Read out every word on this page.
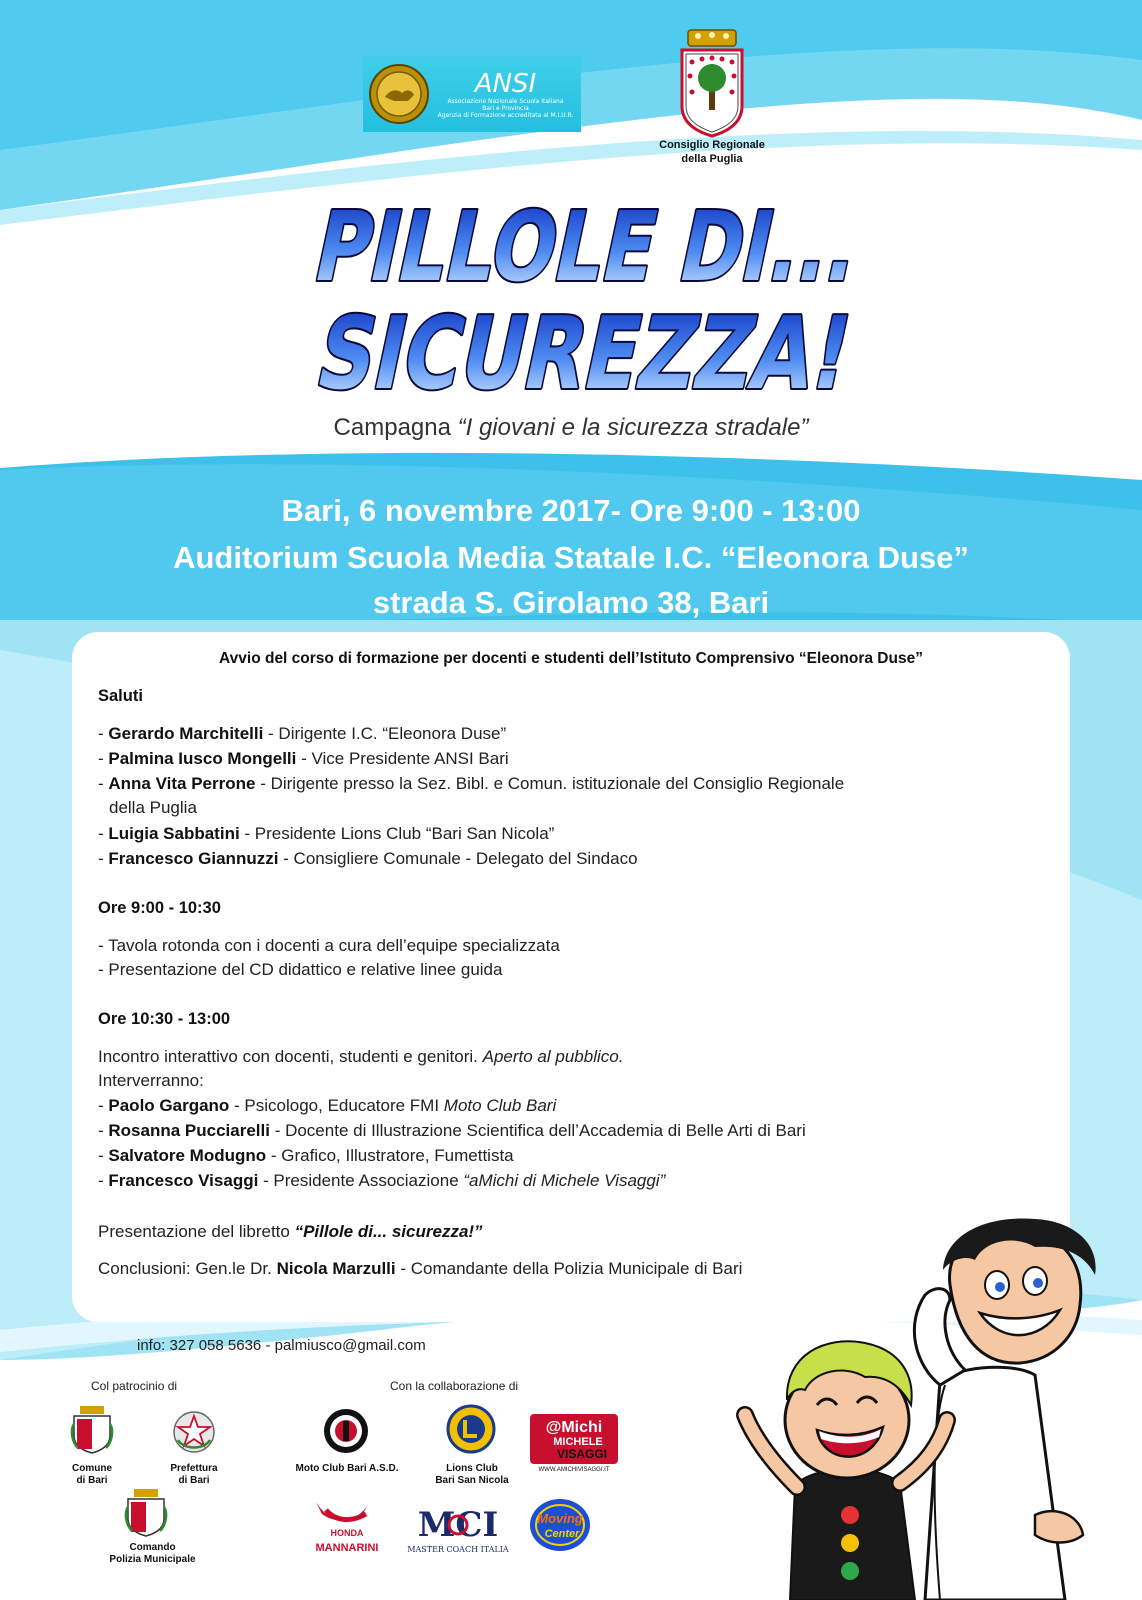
ANSI
Associazione Nazionale Scuola Italiana
Bari e Provincia
Agenzia di Formazione accreditata al M.I.U.R.
Consiglio Regionale
della Puglia
PILLOLE DI...
SICUREZZA!
Campagna “I giovani e la sicurezza stradale”
Bari, 6 novembre 2017- Ore 9:00 - 13:00
Auditorium Scuola Media Statale I.C. “Eleonora Duse”
strada S. Girolamo 38, Bari
Avvio del corso di formazione per docenti e studenti dell’Istituto Comprensivo “Eleonora Duse”
Saluti
- Gerardo Marchitelli - Dirigente I.C. “Eleonora Duse”
- Palmina Iusco Mongelli - Vice Presidente ANSI Bari
- Anna Vita Perrone - Dirigente presso la Sez. Bibl. e Comun. istituzionale del Consiglio Regionale
della Puglia
- Luigia Sabbatini - Presidente Lions Club “Bari San Nicola”
- Francesco Giannuzzi - Consigliere Comunale - Delegato del Sindaco
Ore 9:00 - 10:30
- Tavola rotonda con i docenti a cura dell’equipe specializzata
- Presentazione del CD didattico e relative linee guida
Ore 10:30 - 13:00
Incontro interattivo con docenti, studenti e genitori. Aperto al pubblico.
Interverranno:
- Paolo Gargano - Psicologo, Educatore FMI Moto Club Bari
- Rosanna Pucciarelli - Docente di Illustrazione Scientifica dell’Accademia di Belle Arti di Bari
- Salvatore Modugno - Grafico, Illustratore, Fumettista
- Francesco Visaggi - Presidente Associazione “aMichi di Michele Visaggi”
Presentazione del libretto “Pillole di... sicurezza!”
Conclusioni: Gen.le Dr. Nicola Marzulli - Comandante della Polizia Municipale di Bari
info: 327 058 5636 - palmiusco@gmail.com
Col patrocinio di	Con la collaborazione di
Comune
di Bari
Prefettura
di Bari
Comando
Polizia Municipale
Moto Club Bari A.S.D.	Lions Club
Bari San Nicola
@Michi
MICHELE
VISAGGI
WWW.AMICHIVISAGGI.IT
HONDA
MANNARINI
MCI
MASTER COACH ITALIA
Moving
Center
